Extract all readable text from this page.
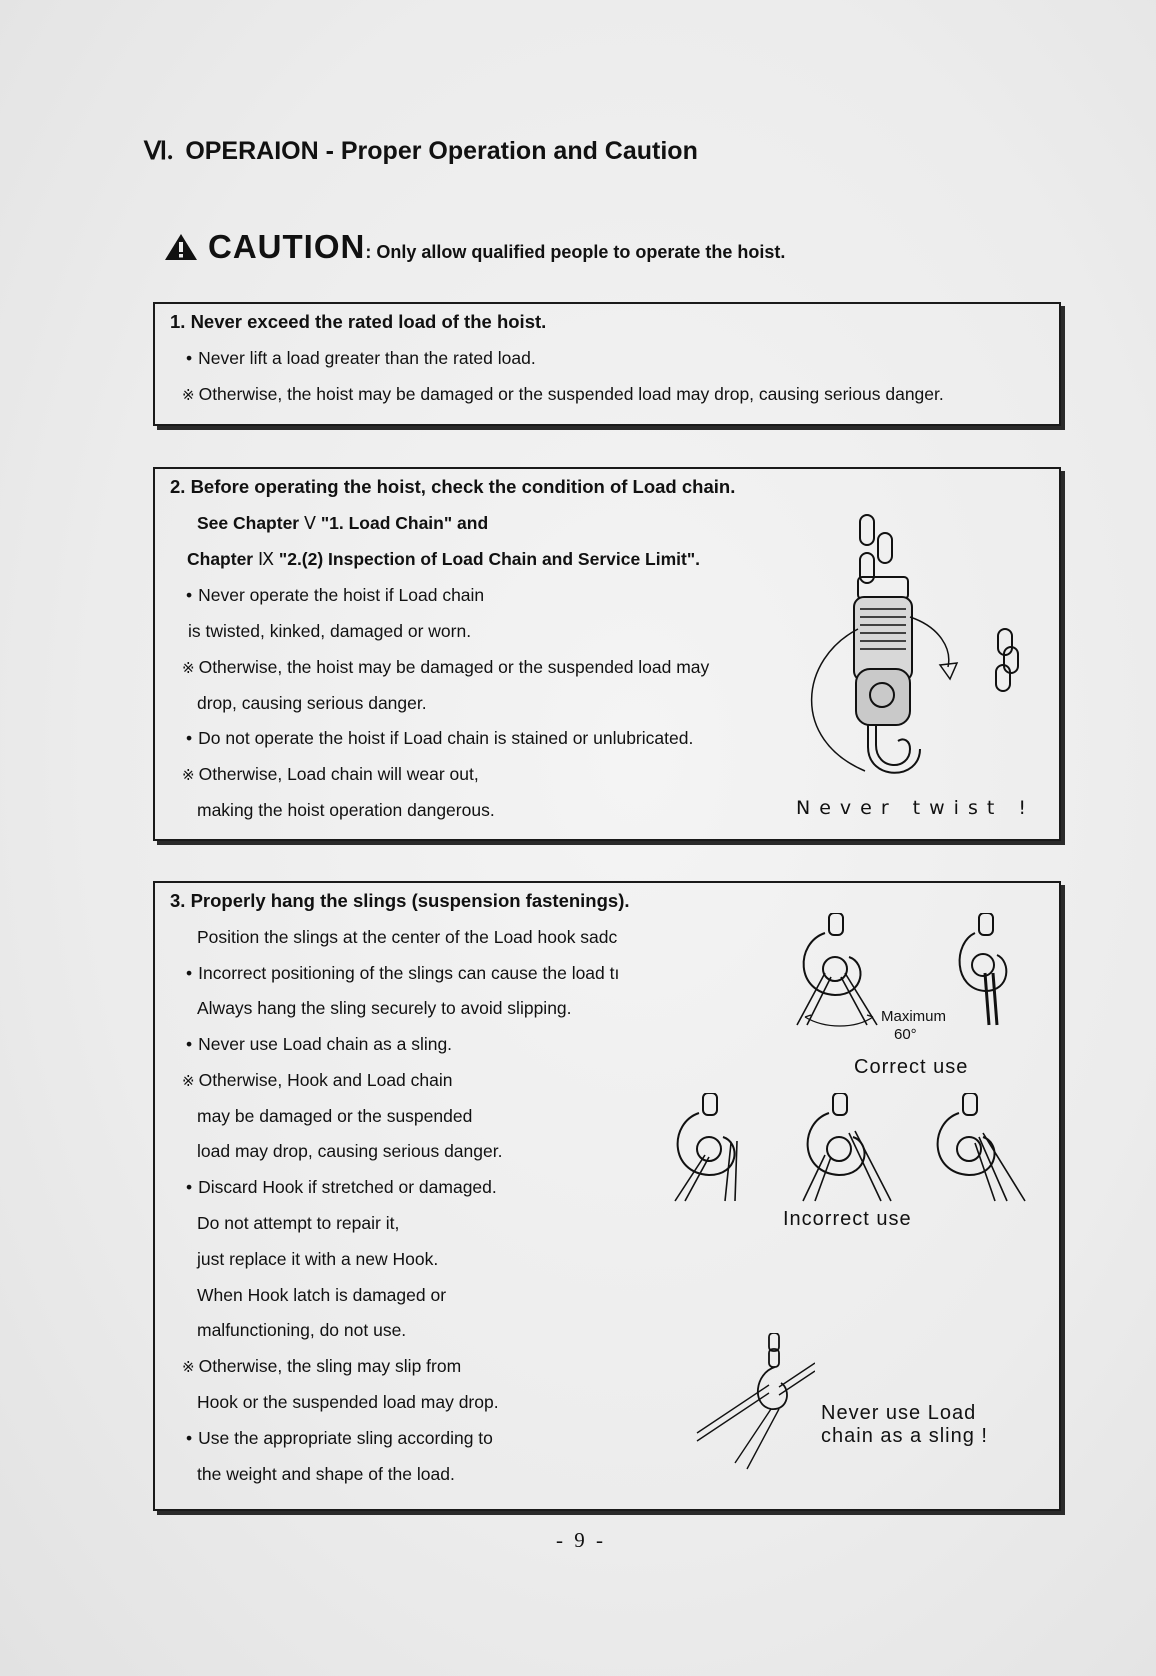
Ⅵ. OPERAION - Proper Operation and Caution
CAUTION: Only allow qualified people to operate the hoist.
1. Never exceed the rated load of the hoist.
• Never lift a load greater than the rated load.
※ Otherwise, the hoist may be damaged or the suspended load may drop, causing serious danger.
2. Before operating the hoist, check the condition of Load chain.
See Chapter Ⅴ "1. Load Chain" and
Chapter Ⅸ "2.(2) Inspection of Load Chain and Service Limit".
• Never operate the hoist if Load chain
is twisted, kinked, damaged or worn.
※ Otherwise, the hoist may be damaged or the suspended load may
drop, causing serious danger.
• Do not operate the hoist if Load chain is stained or unlubricated.
※ Otherwise, Load chain will wear out,
making the hoist operation dangerous.	Never twist !
3. Properly hang the slings (suspension fastenings).
Position the slings at the center of the Load hook sadc
• Incorrect positioning of the slings can cause the load tı
Always hang the sling securely to avoid slipping.
• Never use Load chain as a sling.
※ Otherwise, Hook and Load chain
may be damaged or the suspended
load may drop, causing serious danger.
• Discard Hook if stretched or damaged.
Do not attempt to repair it,
just replace it with a new Hook.
When Hook latch is damaged or
malfunctioning, do not use.
※ Otherwise, the sling may slip from
Hook or the suspended load may drop.
• Use the appropriate sling according to
the weight and shape of the load.
Maximum
60°
Correct use
Incorrect use
Never use Load
chain as a sling !
- 9 -
